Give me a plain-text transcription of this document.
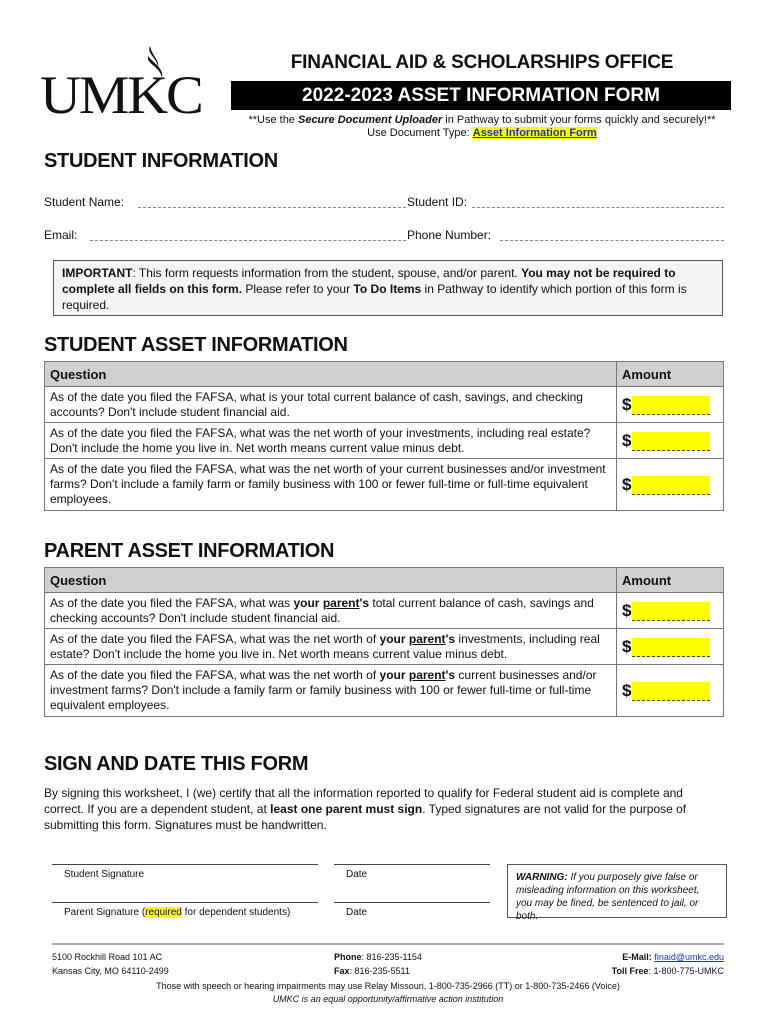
UMKC
FINANCIAL AID & SCHOLARSHIPS OFFICE
2022-2023 ASSET INFORMATION FORM
**Use the Secure Document Uploader in Pathway to submit your forms quickly and securely!**
Use Document Type: Asset Information Form
STUDENT INFORMATION
Student Name:	Student ID:
Email:	Phone Number:
IMPORTANT: This form requests information from the student, spouse, and/or parent. You may not be required to complete all fields on this form. Please refer to your To Do Items in Pathway to identify which portion of this form is required.
STUDENT ASSET INFORMATION
Question	Amount
As of the date you filed the FAFSA, what is your total current balance of cash, savings, and checking accounts? Don't include student financial aid.	$
As of the date you filed the FAFSA, what was the net worth of your investments, including real estate? Don't include the home you live in. Net worth means current value minus debt.	$
As of the date you filed the FAFSA, what was the net worth of your current businesses and/or investment farms? Don't include a family farm or family business with 100 or fewer full-time or full-time equivalent employees.	$
PARENT ASSET INFORMATION
Question	Amount
As of the date you filed the FAFSA, what was your parent's total current balance of cash, savings and checking accounts? Don't include student financial aid.	$
As of the date you filed the FAFSA, what was the net worth of your parent's investments, including real estate? Don't include the home you live in. Net worth means current value minus debt.	$
As of the date you filed the FAFSA, what was the net worth of your parent's current businesses and/or investment farms? Don't include a family farm or family business with 100 or fewer full-time or full-time equivalent employees.	$
SIGN AND DATE THIS FORM
By signing this worksheet, I (we) certify that all the information reported to qualify for Federal student aid is complete and correct. If you are a dependent student, at least one parent must sign. Typed signatures are not valid for the purpose of submitting this form. Signatures must be handwritten.
Student Signature	Date
Parent Signature (required for dependent students)	Date
WARNING: If you purposely give false or misleading information on this worksheet, you may be fined, be sentenced to jail, or both.
5100 Rockhill Road 101 AC
Kansas City, MO 64110-2499
Phone: 816-235-1154
Fax: 816-235-5511
E-Mail: finaid@umkc.edu
Toll Free: 1-800-775-UMKC
Those with speech or hearing impairments may use Relay Missouri, 1-800-735-2966 (TT) or 1-800-735-2466 (Voice)
UMKC is an equal opportunity/affirmative action institution
